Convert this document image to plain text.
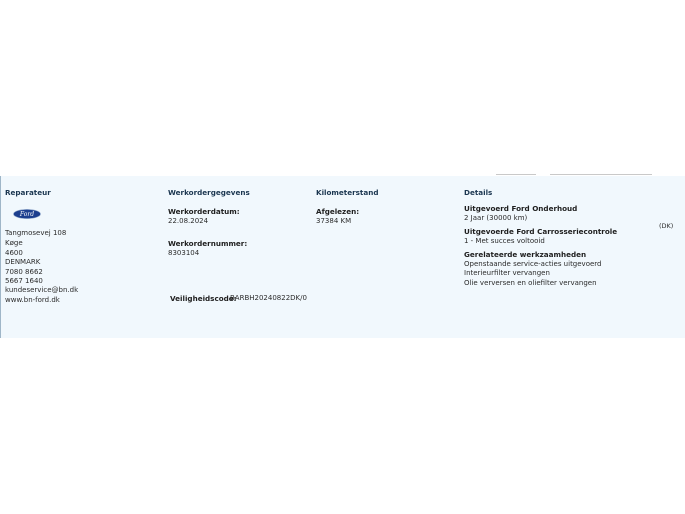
Reparateur
Ford
Tangmosevej 108
Køge
4600
DENMARK
7080 8662
5667 1640
kundeservice@bn.dk
www.bn-ford.dk
Werkordergegevens
Werkorderdatum:
22.08.2024
Werkordernummer:
8303104
Veiligheidscode:
BARBH20240822DK/0
Kilometerstand
Afgelezen:
37384 KM
Details
Uitgevoerd Ford Onderhoud
2 Jaar (30000 km)
(DK)
Uitgevoerde Ford Carrosseriecontrole
1 - Met succes voltooid
Gerelateerde werkzaamheden
Openstaande service-acties uitgevoerd
Interieurfilter vervangen
Olie verversen en oliefilter vervangen
